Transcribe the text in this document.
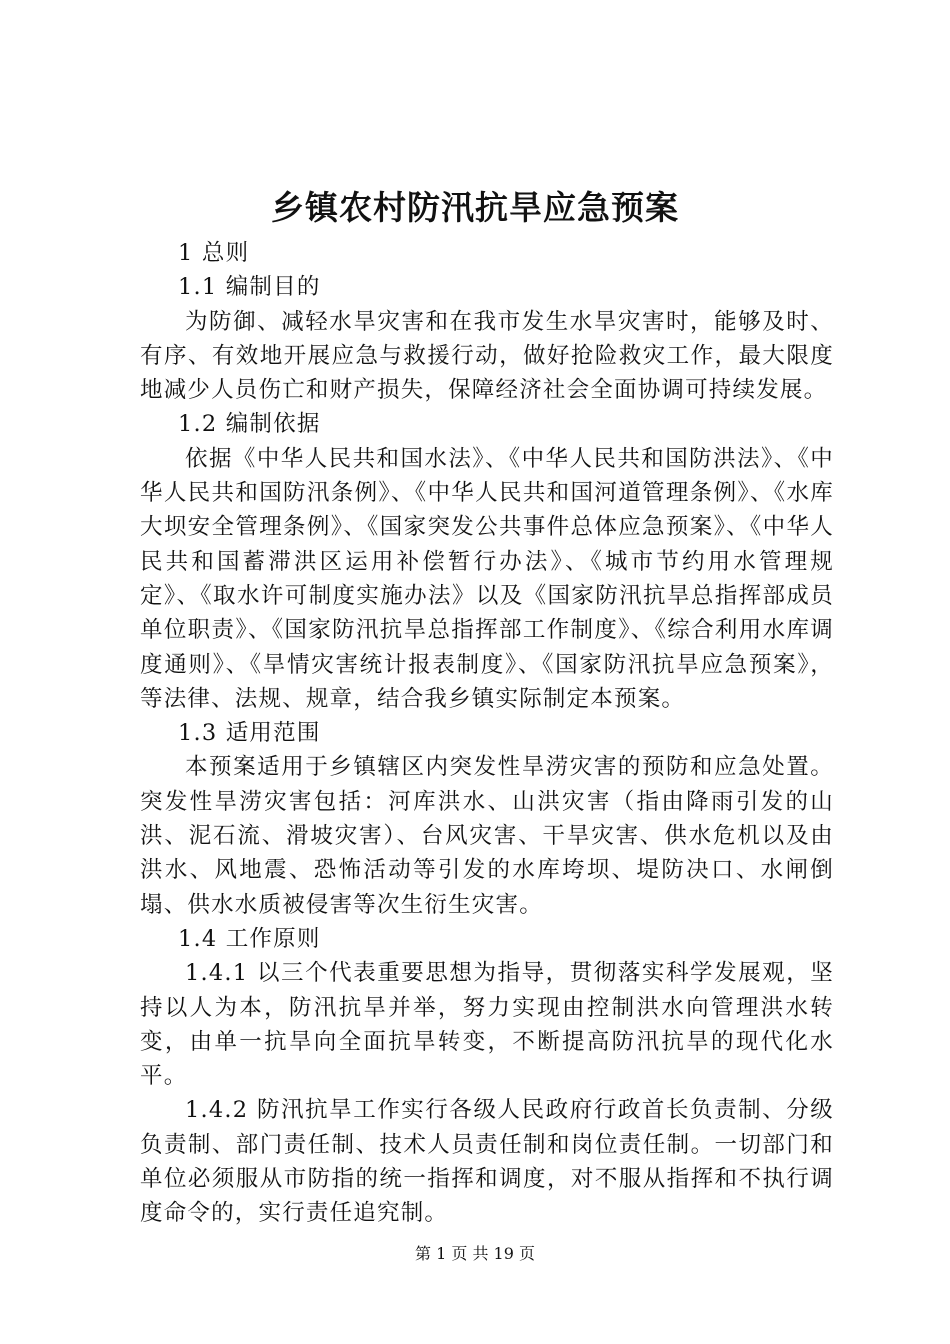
乡镇农村防汛抗旱应急预案

1 总则

1.1 编制目的

为防御、减轻水旱灾害和在我市发生水旱灾害时，能够及时、有序、有效地开展应急与救援行动，做好抢险救灾工作，最大限度地减少人员伤亡和财产损失，保障经济社会全面协调可持续发展。

1.2 编制依据

依据《中华人民共和国水法》、《中华人民共和国防洪法》、《中华人民共和国防汛条例》、《中华人民共和国河道管理条例》、《水库大坝安全管理条例》、《国家突发公共事件总体应急预案》、《中华人民共和国蓄滞洪区运用补偿暂行办法》、《城市节约用水管理规定》、《取水许可制度实施办法》以及《国家防汛抗旱总指挥部成员单位职责》、《国家防汛抗旱总指挥部工作制度》、《综合利用水库调度通则》、《旱情灾害统计报表制度》、《国家防汛抗旱应急预案》，等法律、法规、规章，结合我乡镇实际制定本预案。

1.3 适用范围

本预案适用于乡镇辖区内突发性旱涝灾害的预防和应急处置。突发性旱涝灾害包括：河库洪水、山洪灾害（指由降雨引发的山洪、泥石流、滑坡灾害）、台风灾害、干旱灾害、供水危机以及由洪水、风地震、恐怖活动等引发的水库垮坝、堤防决口、水闸倒塌、供水水质被侵害等次生衍生灾害。

1.4 工作原则

1.4.1 以三个代表重要思想为指导，贯彻落实科学发展观，坚持以人为本，防汛抗旱并举，努力实现由控制洪水向管理洪水转变，由单一抗旱向全面抗旱转变，不断提高防汛抗旱的现代化水平。

1.4.2 防汛抗旱工作实行各级人民政府行政首长负责制、分级负责制、部门责任制、技术人员责任制和岗位责任制。一切部门和单位必须服从市防指的统一指挥和调度，对不服从指挥和不执行调度命令的，实行责任追究制。

第 1 页 共 19 页
